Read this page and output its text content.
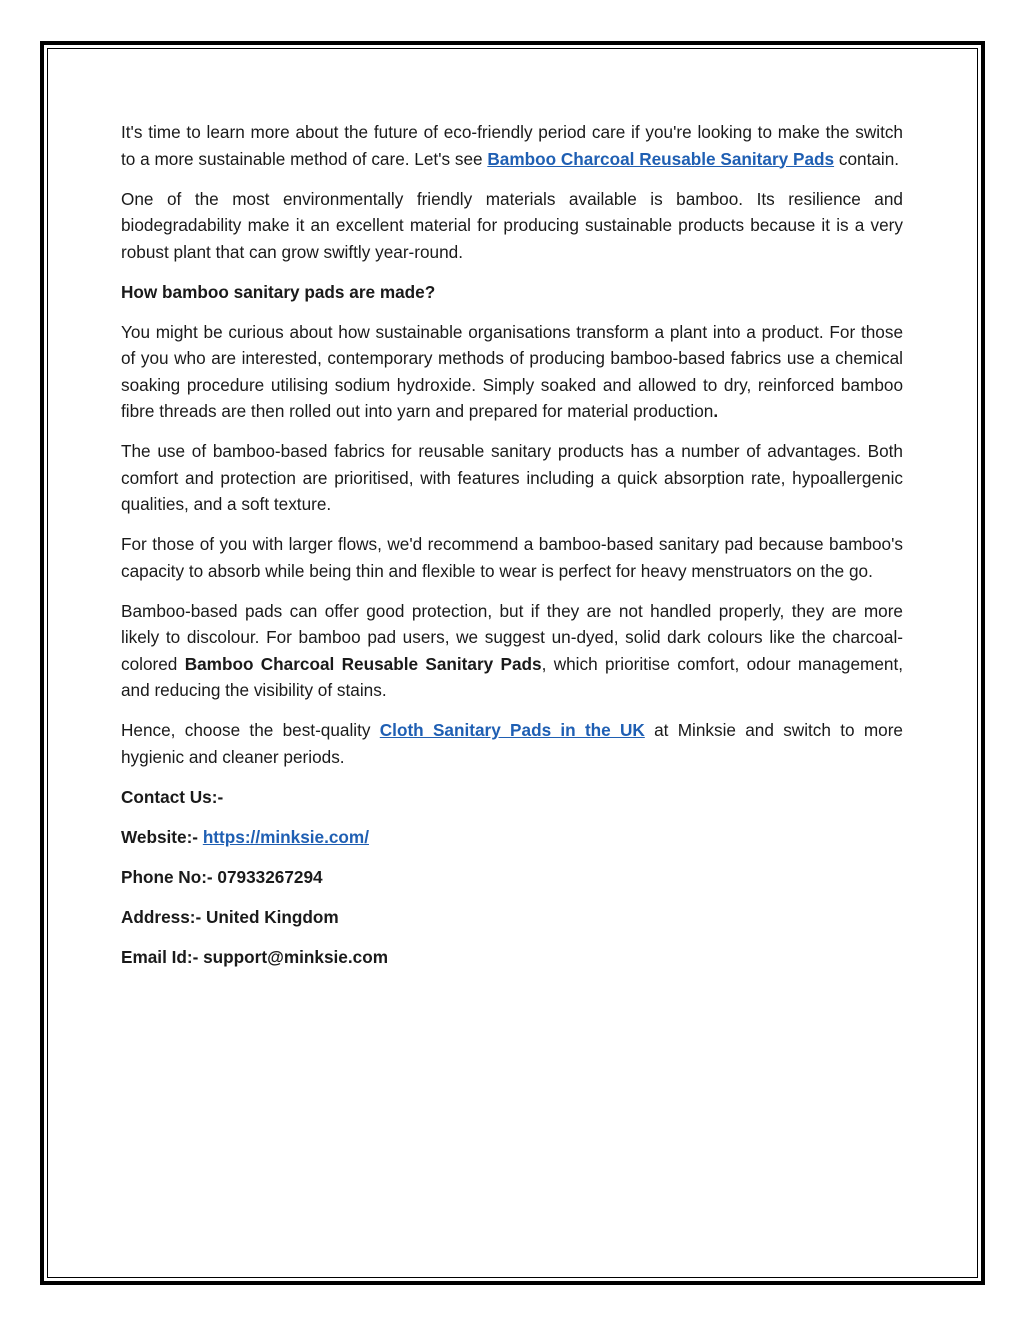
It's time to learn more about the future of eco-friendly period care if you're looking to make the switch to a more sustainable method of care. Let's see Bamboo Charcoal Reusable Sanitary Pads contain.

One of the most environmentally friendly materials available is bamboo. Its resilience and biodegradability make it an excellent material for producing sustainable products because it is a very robust plant that can grow swiftly year-round.

How bamboo sanitary pads are made?

You might be curious about how sustainable organisations transform a plant into a product. For those of you who are interested, contemporary methods of producing bamboo-based fabrics use a chemical soaking procedure utilising sodium hydroxide. Simply soaked and allowed to dry, reinforced bamboo fibre threads are then rolled out into yarn and prepared for material production.

The use of bamboo-based fabrics for reusable sanitary products has a number of advantages. Both comfort and protection are prioritised, with features including a quick absorption rate, hypoallergenic qualities, and a soft texture.

For those of you with larger flows, we'd recommend a bamboo-based sanitary pad because bamboo's capacity to absorb while being thin and flexible to wear is perfect for heavy menstruators on the go.

Bamboo-based pads can offer good protection, but if they are not handled properly, they are more likely to discolour. For bamboo pad users, we suggest un-dyed, solid dark colours like the charcoal-colored Bamboo Charcoal Reusable Sanitary Pads, which prioritise comfort, odour management, and reducing the visibility of stains.

Hence, choose the best-quality Cloth Sanitary Pads in the UK at Minksie and switch to more hygienic and cleaner periods.

Contact Us:-

Website:- https://minksie.com/

Phone No:- 07933267294

Address:- United Kingdom

Email Id:- support@minksie.com
